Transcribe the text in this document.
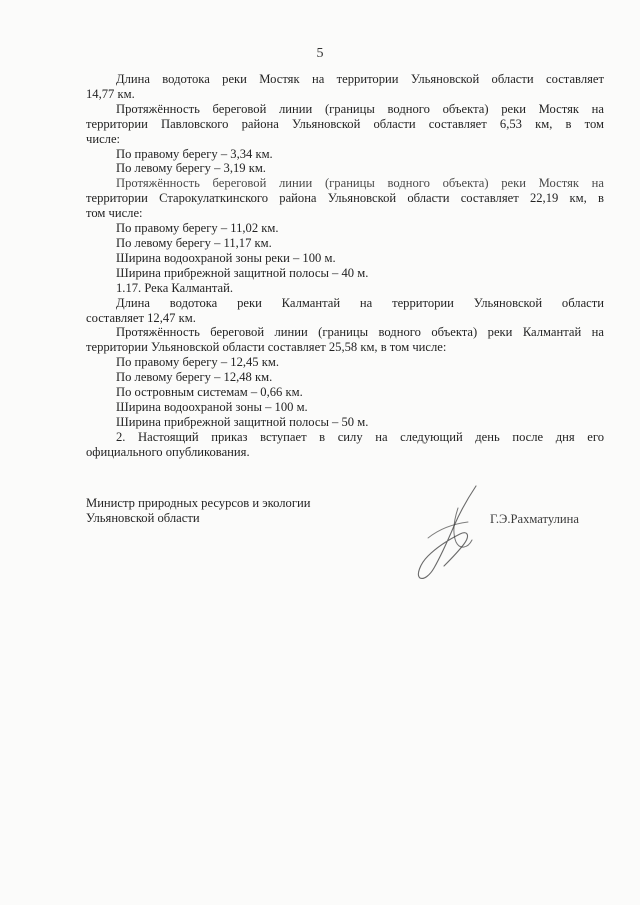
5
Длина водотока реки Мостяк на территории Ульяновской области составляет
14,77 км.
Протяжённость береговой линии (границы водного объекта) реки Мостяк на
территории Павловского района Ульяновской области составляет 6,53 км, в том
числе:
По правому берегу – 3,34 км.
По левому берегу – 3,19 км.
Протяжённость береговой линии (границы водного объекта) реки Мостяк на
территории Старокулаткинского района Ульяновской области составляет 22,19 км, в
том числе:
По правому берегу – 11,02 км.
По левому берегу – 11,17 км.
Ширина водоохраной зоны реки – 100 м.
Ширина прибрежной защитной полосы – 40 м.
1.17. Река Калмантай.
Длина водотока реки Калмантай на территории Ульяновской области
составляет 12,47 км.
Протяжённость береговой линии (границы водного объекта) реки Калмантай на
территории Ульяновской области составляет 25,58 км, в том числе:
По правому берегу – 12,45 км.
По левому берегу – 12,48 км.
По островным системам – 0,66 км.
Ширина водоохраной зоны – 100 м.
Ширина прибрежной защитной полосы – 50 м.
2. Настоящий приказ вступает в силу на следующий день после дня его
официального опубликования.
Министр природных ресурсов и экологии
Ульяновской области	Г.Э.Рахматулина
